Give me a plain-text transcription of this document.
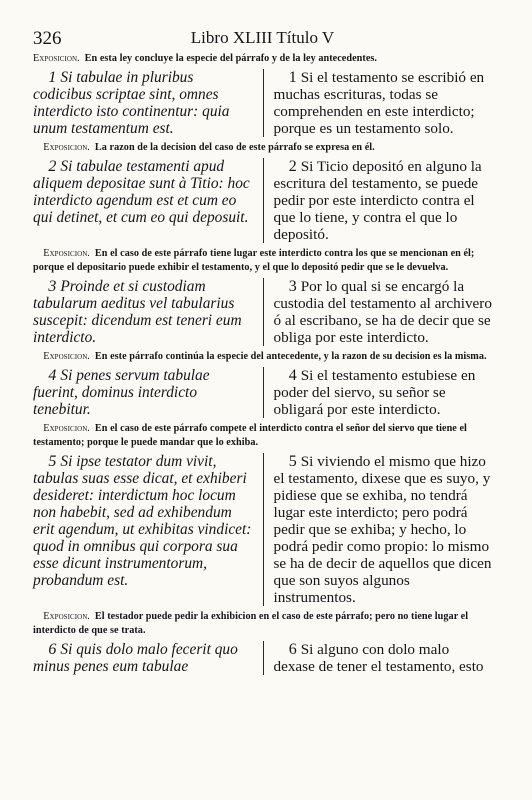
326	Libro XLIII Título V
Exposicion. En esta ley concluye la especie del párrafo y de la ley antecedentes.
 1 Si tabulae in pluribus codicibus scriptae sint, omnes interdicto isto continentur: quia unum testamentum est.
 1 Si el testamento se escribió en muchas escrituras, todas se comprehenden en este interdicto; porque es un testamento solo.
 Exposicion. La razon de la decision del caso de este párrafo se expresa en él.
 2 Si tabulae testamenti apud aliquem depositae sunt à Titio: hoc interdicto agendum est et cum eo qui detinet, et cum eo qui deposuit.
 2 Si Ticio depositó en alguno la escritura del testamento, se puede pedir por este interdicto contra el que lo tiene, y contra el que lo depositó.
 Exposicion. En el caso de este párrafo tiene lugar este interdicto contra los que se mencionan en él; porque el depositario puede exhibir el testamento, y el que lo depositó pedir que se le devuelva.
 3 Proinde et si custodiam tabularum aeditus vel tabularius suscepit: dicendum est teneri eum interdicto.
 3 Por lo qual si se encargó la custodia del testamento al archivero ó al escribano, se ha de decir que se obliga por este interdicto.
 Exposicion. En este párrafo continúa la especie del antecedente, y la razon de su decision es la misma.
 4 Si penes servum tabulae fuerint, dominus interdicto tenebitur.
 4 Si el testamento estubiese en poder del siervo, su señor se obligará por este interdicto.
 Exposicion. En el caso de este párrafo compete el interdicto contra el señor del siervo que tiene el testamento; porque le puede mandar que lo exhiba.
 5 Si ipse testator dum vivit, tabulas suas esse dicat, et exhiberi desideret: interdictum hoc locum non habebit, sed ad exhibendum erit agendum, ut exhibitas vindicet: quod in omnibus qui corpora sua esse dicunt instrumentorum, probandum est.
 5 Si viviendo el mismo que hizo el testamento, dixese que es suyo, y pidiese que se exhiba, no tendrá lugar este interdicto; pero podrá pedir que se exhiba; y hecho, lo podrá pedir como propio: lo mismo se ha de decir de aquellos que dicen que son suyos algunos instrumentos.
 Exposicion. El testador puede pedir la exhibicion en el caso de este párrafo; pero no tiene lugar el interdicto de que se trata.
 6 Si quis dolo malo fecerit quo minus penes eum tabulae
 6 Si alguno con dolo malo dexase de tener el testamento, esto
